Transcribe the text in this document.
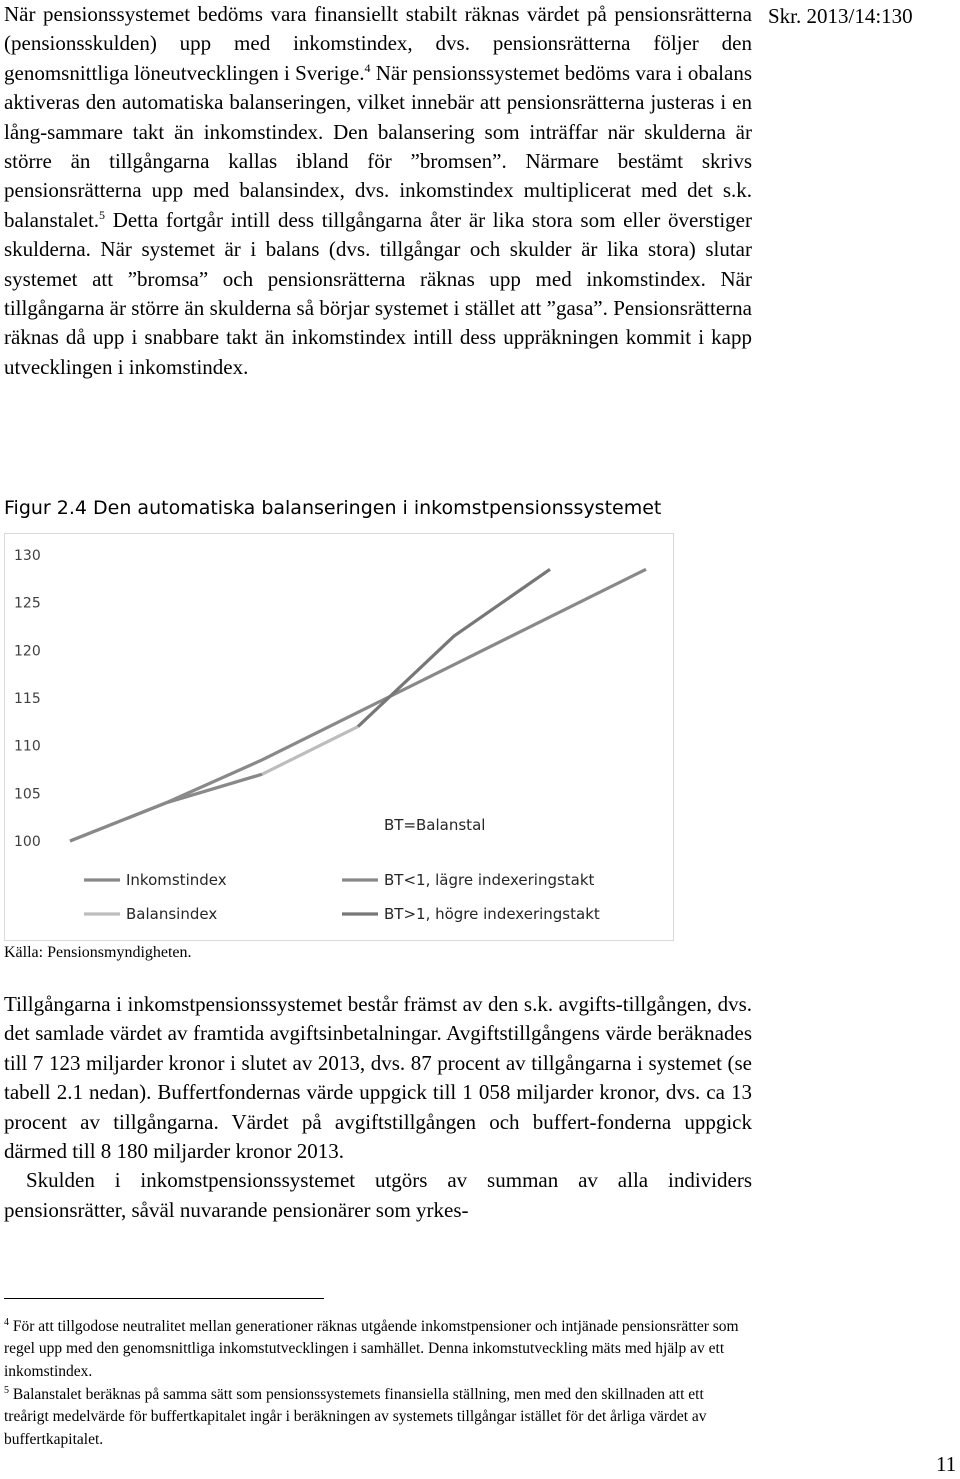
Skr. 2013/14:130

När pensionssystemet bedöms vara finansiellt stabilt räknas värdet på pensionsrätterna (pensionsskulden) upp med inkomstindex, dvs. pensionsrätterna följer den genomsnittliga löneutvecklingen i Sverige.$^4$ När pensionssystemet bedöms vara i obalans aktiveras den automatiska balanseringen, vilket innebär att pensionsrätterna justeras i en lång-sammare takt än inkomstindex. Den balansering som inträffar när skulderna är större än tillgångarna kallas ibland för ”bromsen”. Närmare bestämt skrivs pensionsrätterna upp med balansindex, dvs. inkomstindex multiplicerat med det s.k. balanstalet.$^5$ Detta fortgår intill dess tillgångarna åter är lika stora som eller överstiger skulderna. När systemet är i balans (dvs. tillgångar och skulder är lika stora) slutar systemet att ”bromsa” och pensionsrätterna räknas upp med inkomstindex. När tillgångarna är större än skulderna så börjar systemet i stället att ”gasa”. Pensionsrätterna räknas då upp i snabbare takt än inkomstindex intill dess uppräkningen kommit i kapp utvecklingen i inkomstindex.

Figur 2.4 Den automatiska balanseringen i inkomstpensionssystemet
100
105
110
115
120
125
130
BT=Balanstal
Inkomstindex
Balansindex
BT<1, lägre indexeringstakt
BT>1, högre indexeringstakt

Källa: Pensionsmyndigheten.

Tillgångarna i inkomstpensionssystemet består främst av den s.k. avgifts-tillgången, dvs. det samlade värdet av framtida avgiftsinbetalningar. Avgiftstillgångens värde beräknades till 7 123 miljarder kronor i slutet av 2013, dvs. 87 procent av tillgångarna i systemet (se tabell 2.1 nedan). Buffertfondernas värde uppgick till 1 058 miljarder kronor, dvs. ca 13 procent av tillgångarna. Värdet på avgiftstillgången och buffert-fonderna uppgick därmed till 8 180 miljarder kronor 2013.
Skulden i inkomstpensionssystemet utgörs av summan av alla individers pensionsrätter, såväl nuvarande pensionärer som yrkes-

$^4$ För att tillgodose neutralitet mellan generationer räknas utgående inkomstpensioner och intjänade pensionsrätter som regel upp med den genomsnittliga inkomstutvecklingen i samhället. Denna inkomstutveckling mäts med hjälp av ett inkomstindex.

$^5$ Balanstalet beräknas på samma sätt som pensionssystemets finansiella ställning, men med den skillnaden att ett treårigt medelvärde för buffertkapitalet ingår i beräkningen av systemets tillgångar istället för det årliga värdet av buffertkapitalet.

11
